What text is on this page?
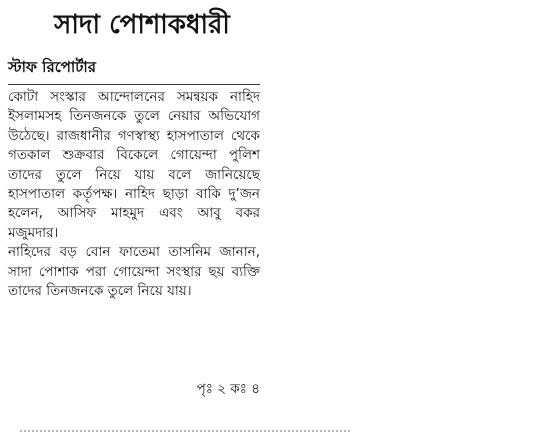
সাদা পোশাকধারী
স্টাফ রিপোর্টার

কোটা সংস্কার আন্দোলনের সমন্বয়ক নাহিদ ইসলামসহ তিনজনকে তুলে নেয়ার অভিযোগ উঠেছে। রাজধানীর গণস্বাস্থ্য হাসপাতাল থেকে গতকাল শুক্রবার বিকেলে গোয়েন্দা পুলিশ তাদের তুলে নিয়ে যায় বলে জানিয়েছে হাসপাতাল কর্তৃপক্ষ। নাহিদ ছাড়া বাকি দু’জন হলেন, আসিফ মাহমুদ এবং আবু বকর মজুমদার।

নাহিদের বড় বোন ফাতেমা তাসনিম জানান, সাদা পোশাক পরা গোয়েন্দা সংস্থার ছয় ব্যক্তি তাদের তিনজনকে তুলে নিয়ে যায়।

পৃঃ ২ কঃ ৪
